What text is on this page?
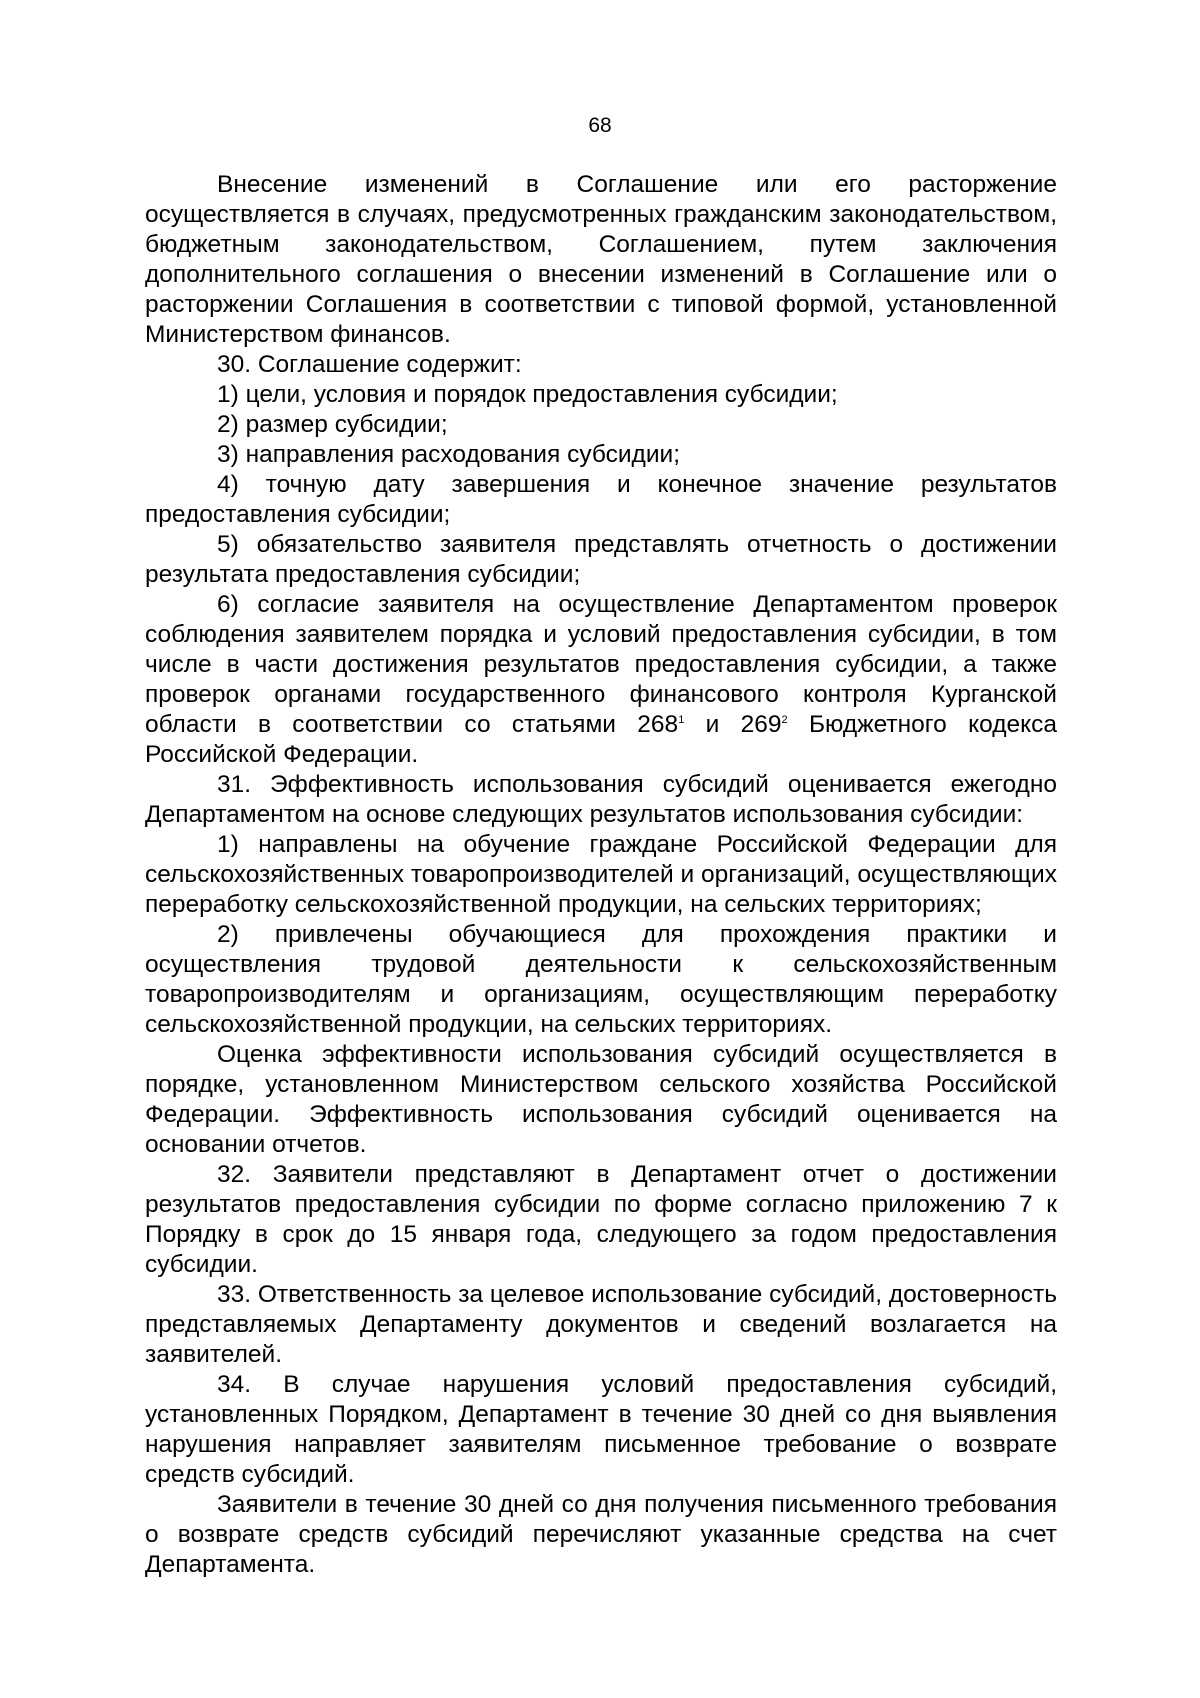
68

Внесение изменений в Соглашение или его расторжение осуществляется в случаях, предусмотренных гражданским законодательством, бюджетным законодательством, Соглашением, путем заключения дополнительного соглашения о внесении изменений в Соглашение или о расторжении Соглашения в соответствии с типовой формой, установленной Министерством финансов.

30. Соглашение содержит:

1) цели, условия и порядок предоставления субсидии;

2) размер субсидии;

3) направления расходования субсидии;

4) точную дату завершения и конечное значение результатов предоставления субсидии;

5) обязательство заявителя представлять отчетность о достижении результата предоставления субсидии;

6) согласие заявителя на осуществление Департаментом проверок соблюдения заявителем порядка и условий предоставления субсидии, в том числе в части достижения результатов предоставления субсидии, а также проверок органами государственного финансового контроля Курганской области в соответствии со статьями $268^1$ и $269^2$ Бюджетного кодекса Российской Федерации.

31. Эффективность использования субсидий оценивается ежегодно Департаментом на основе следующих результатов использования субсидии:

1) направлены на обучение граждане Российской Федерации для сельскохозяйственных товаропроизводителей и организаций, осуществляющих переработку сельскохозяйственной продукции, на сельских территориях;

2) привлечены обучающиеся для прохождения практики и осуществления трудовой деятельности к сельскохозяйственным товаропроизводителям и организациям, осуществляющим переработку сельскохозяйственной продукции, на сельских территориях.

Оценка эффективности использования субсидий осуществляется в порядке, установленном Министерством сельского хозяйства Российской Федерации. Эффективность использования субсидий оценивается на основании отчетов.

32. Заявители представляют в Департамент отчет о достижении результатов предоставления субсидии по форме согласно приложению 7 к Порядку в срок до 15 января года, следующего за годом предоставления субсидии.

33. Ответственность за целевое использование субсидий, достоверность представляемых Департаменту документов и сведений возлагается на заявителей.

34. В случае нарушения условий предоставления субсидий, установленных Порядком, Департамент в течение 30 дней со дня выявления нарушения направляет заявителям письменное требование о возврате средств субсидий.

Заявители в течение 30 дней со дня получения письменного требования о возврате средств субсидий перечисляют указанные средства на счет Департамента.
